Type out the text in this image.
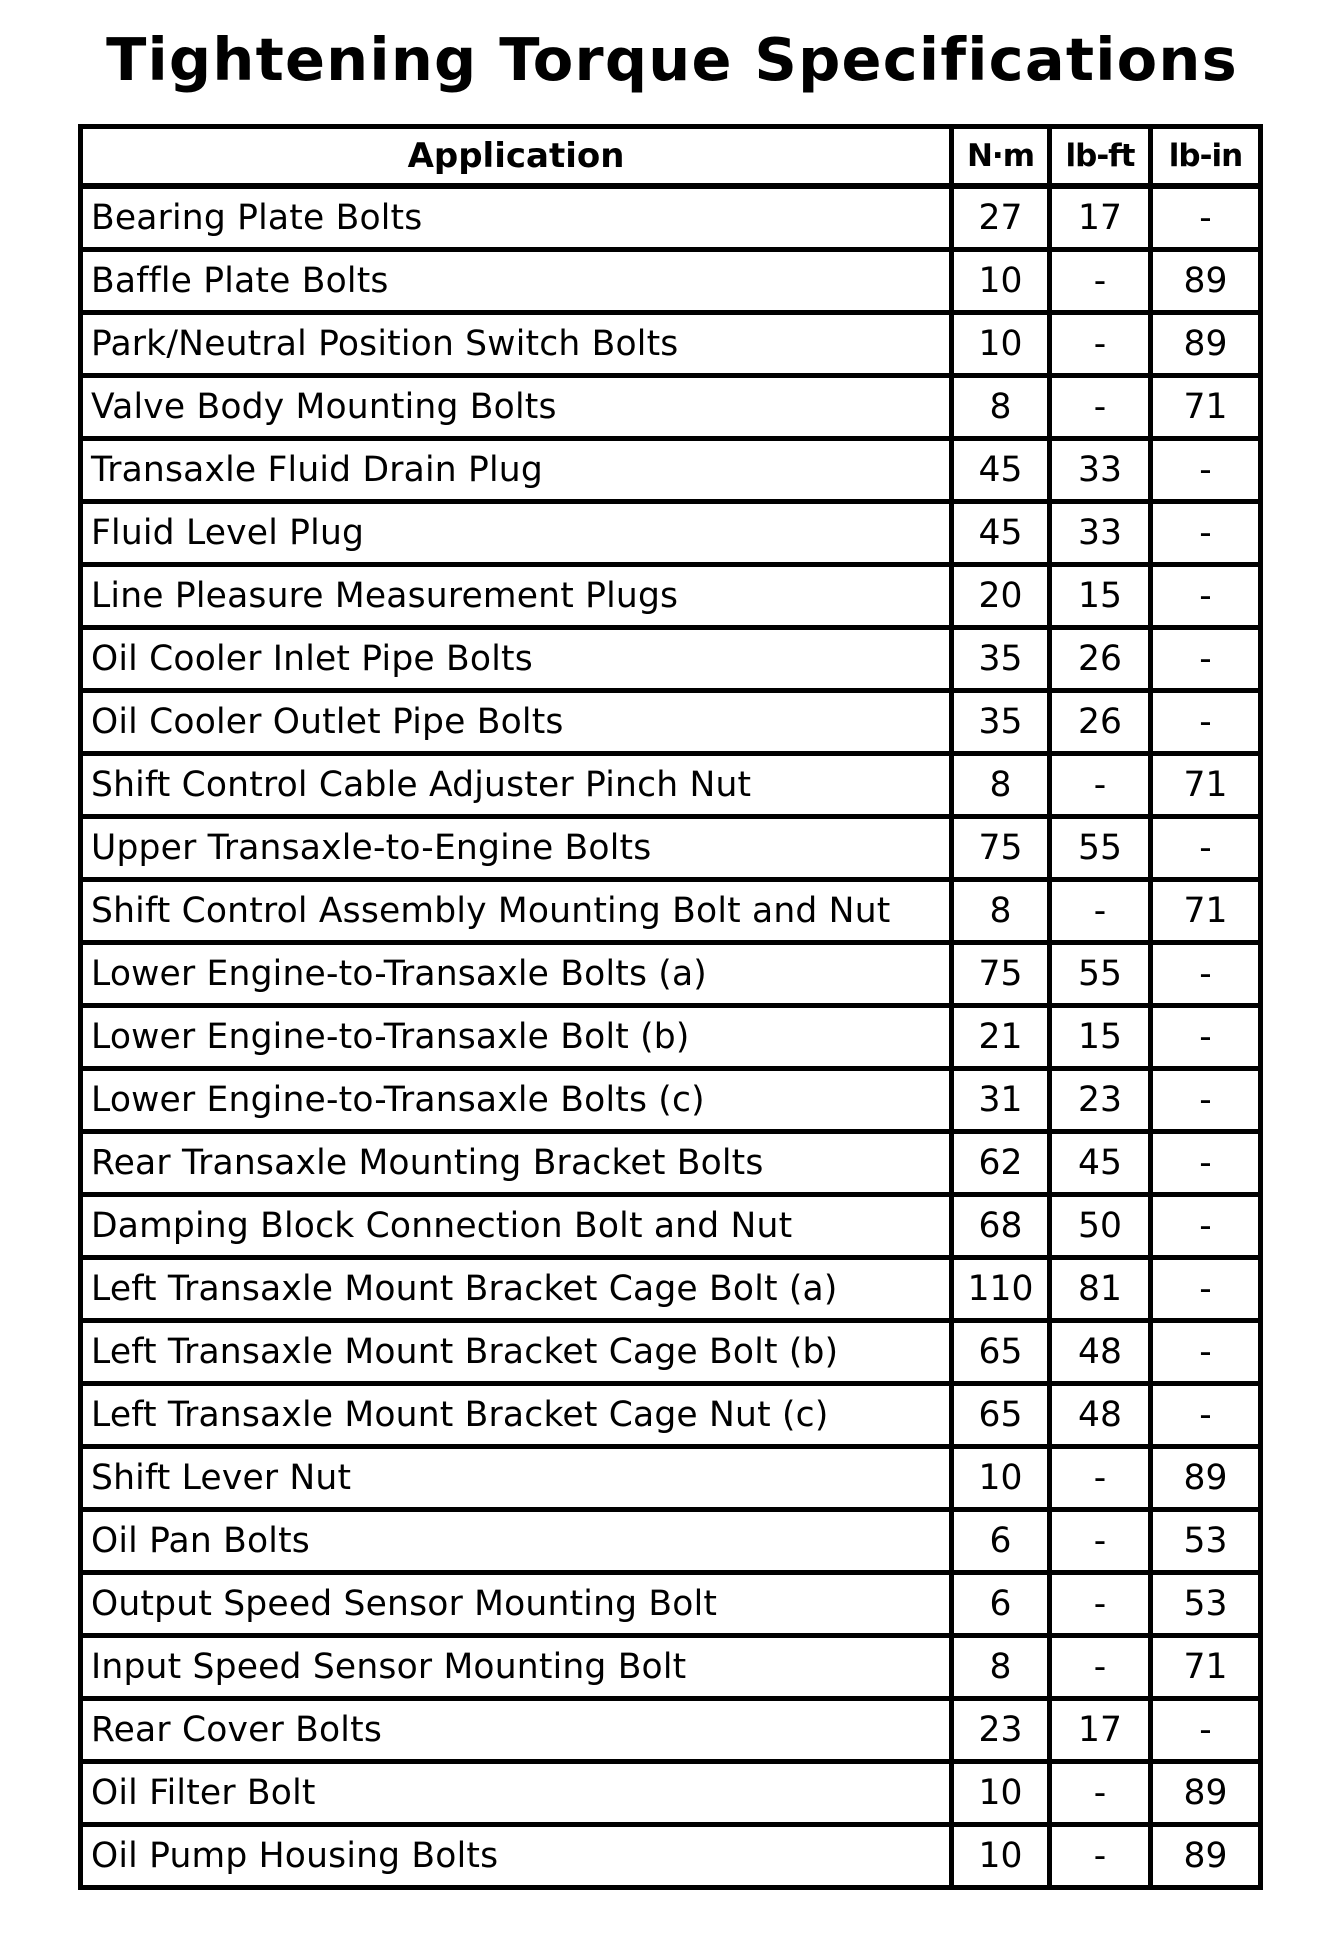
Tightening Torque Specifications
Application	N·m	lb-ft	lb-in
Bearing Plate Bolts	27	17	-
Baffle Plate Bolts	10	-	89
Park/Neutral Position Switch Bolts	10	-	89
Valve Body Mounting Bolts	8	-	71
Transaxle Fluid Drain Plug	45	33	-
Fluid Level Plug	45	33	-
Line Pleasure Measurement Plugs	20	15	-
Oil Cooler Inlet Pipe Bolts	35	26	-
Oil Cooler Outlet Pipe Bolts	35	26	-
Shift Control Cable Adjuster Pinch Nut	8	-	71
Upper Transaxle-to-Engine Bolts	75	55	-
Shift Control Assembly Mounting Bolt and Nut	8	-	71
Lower Engine-to-Transaxle Bolts (a)	75	55	-
Lower Engine-to-Transaxle Bolt (b)	21	15	-
Lower Engine-to-Transaxle Bolts (c)	31	23	-
Rear Transaxle Mounting Bracket Bolts	62	45	-
Damping Block Connection Bolt and Nut	68	50	-
Left Transaxle Mount Bracket Cage Bolt (a)	110	81	-
Left Transaxle Mount Bracket Cage Bolt (b)	65	48	-
Left Transaxle Mount Bracket Cage Nut (c)	65	48	-
Shift Lever Nut	10	-	89
Oil Pan Bolts	6	-	53
Output Speed Sensor Mounting Bolt	6	-	53
Input Speed Sensor Mounting Bolt	8	-	71
Rear Cover Bolts	23	17	-
Oil Filter Bolt	10	-	89
Oil Pump Housing Bolts	10	-	89
